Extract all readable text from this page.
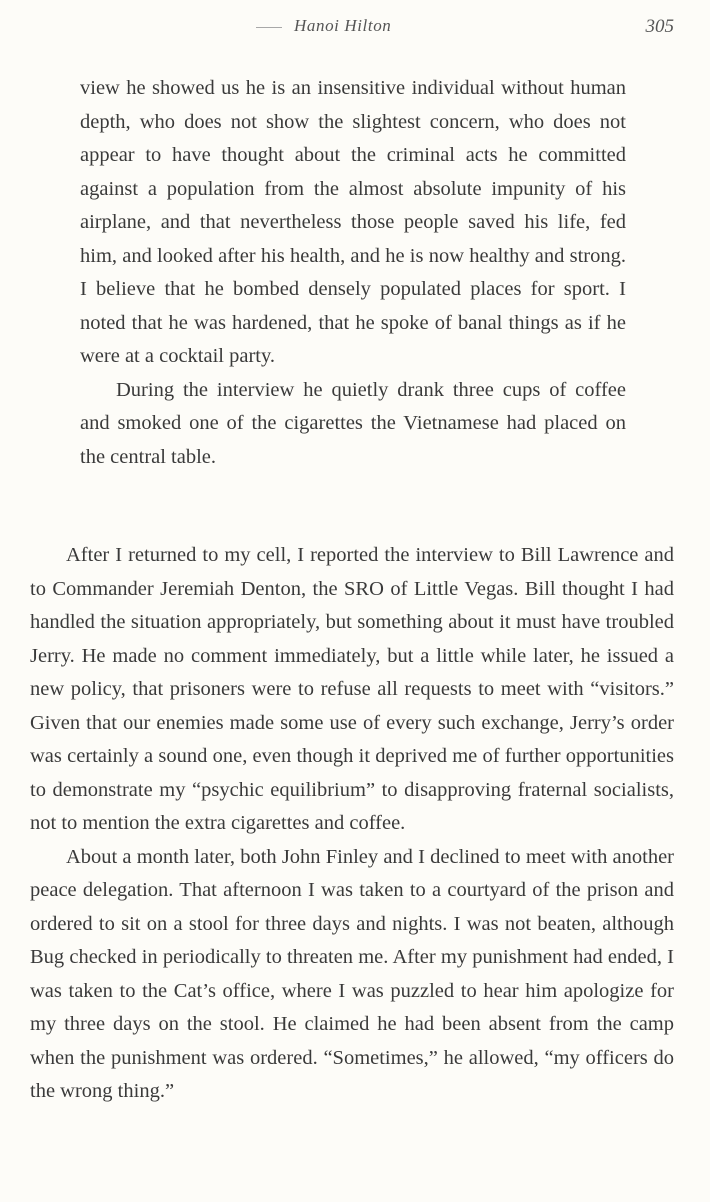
Hanoi Hilton	305

view he showed us he is an insensitive individual without human depth, who does not show the slightest concern, who does not appear to have thought about the criminal acts he committed against a population from the almost absolute impunity of his airplane, and that nevertheless those people saved his life, fed him, and looked after his health, and he is now healthy and strong. I believe that he bombed densely populated places for sport. I noted that he was hardened, that he spoke of banal things as if he were at a cocktail party.

During the interview he quietly drank three cups of coffee and smoked one of the cigarettes the Vietnamese had placed on the central table.

After I returned to my cell, I reported the interview to Bill Lawrence and to Commander Jeremiah Denton, the SRO of Little Vegas. Bill thought I had handled the situation appropriately, but something about it must have troubled Jerry. He made no comment immediately, but a little while later, he issued a new policy, that prisoners were to refuse all requests to meet with “visitors.” Given that our enemies made some use of every such exchange, Jerry’s order was certainly a sound one, even though it deprived me of further opportunities to demonstrate my “psychic equilibrium” to disapproving fraternal socialists, not to mention the extra cigarettes and coffee.

About a month later, both John Finley and I declined to meet with another peace delegation. That afternoon I was taken to a courtyard of the prison and ordered to sit on a stool for three days and nights. I was not beaten, although Bug checked in periodically to threaten me. After my punishment had ended, I was taken to the Cat’s office, where I was puzzled to hear him apologize for my three days on the stool. He claimed he had been absent from the camp when the punishment was ordered. “Sometimes,” he allowed, “my officers do the wrong thing.”
